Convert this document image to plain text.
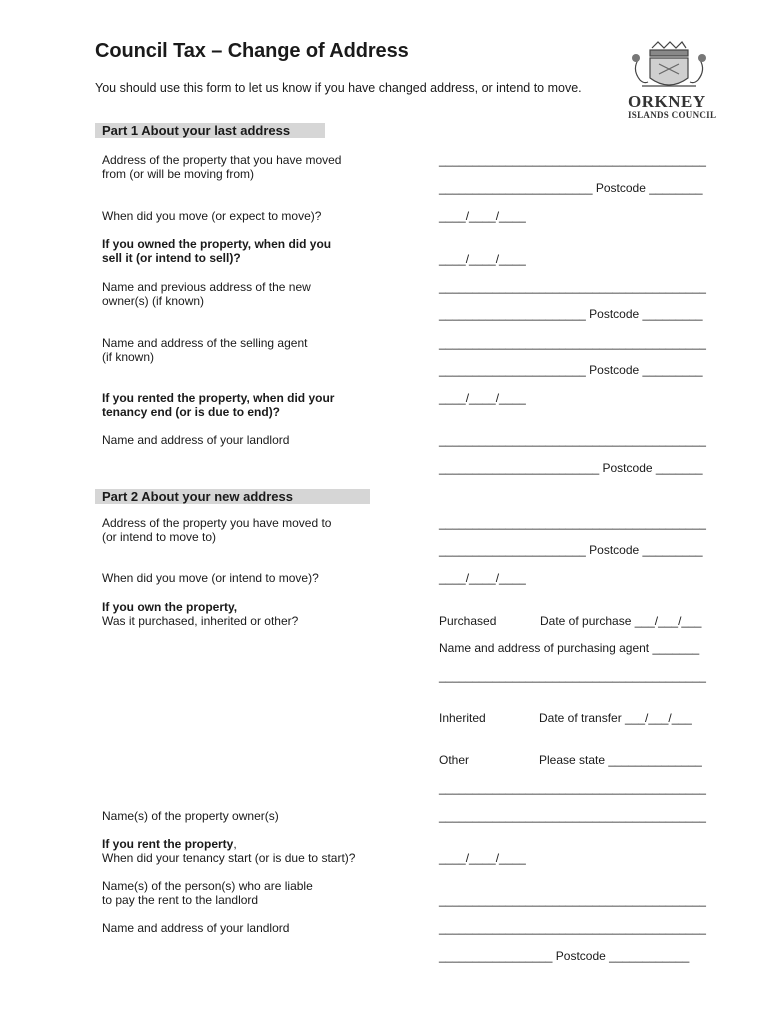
Council Tax – Change of Address
You should use this form to let us know if you have changed address, or intend to move.
ORKNEY
ISLANDS COUNCIL
Part 1 About your last address
Address of the property that you have moved
from (or will be moving from)
________________________________________
_______________________ Postcode ________
When did you move (or expect to move)?	____/____/____
If you owned the property, when did you
sell it (or intend to sell)?	____/____/____
Name and previous address of the new
owner(s) (if known)
________________________________________
______________________ Postcode _________
Name and address of the selling agent
(if known)
________________________________________
______________________ Postcode _________
If you rented the property, when did your
tenancy end (or is due to end)?
____/____/____
Name and address of your landlord	________________________________________
________________________ Postcode _______
Part 2 About your new address
Address of the property you have moved to
(or intend to move to)
________________________________________
______________________ Postcode _________
When did you move (or intend to move)?	____/____/____
If you own the property,
Was it purchased, inherited or other?	Purchased	Date of purchase ___/___/___
Name and address of purchasing agent _______
________________________________________
Inherited	Date of transfer ___/___/___
Other	Please state ______________
________________________________________
Name(s) of the property owner(s)	________________________________________
If you rent the property,
When did your tenancy start (or is due to start)?	____/____/____
Name(s) of the person(s) who are liable
to pay the rent to the landlord	________________________________________
Name and address of your landlord	________________________________________
_________________ Postcode ____________
